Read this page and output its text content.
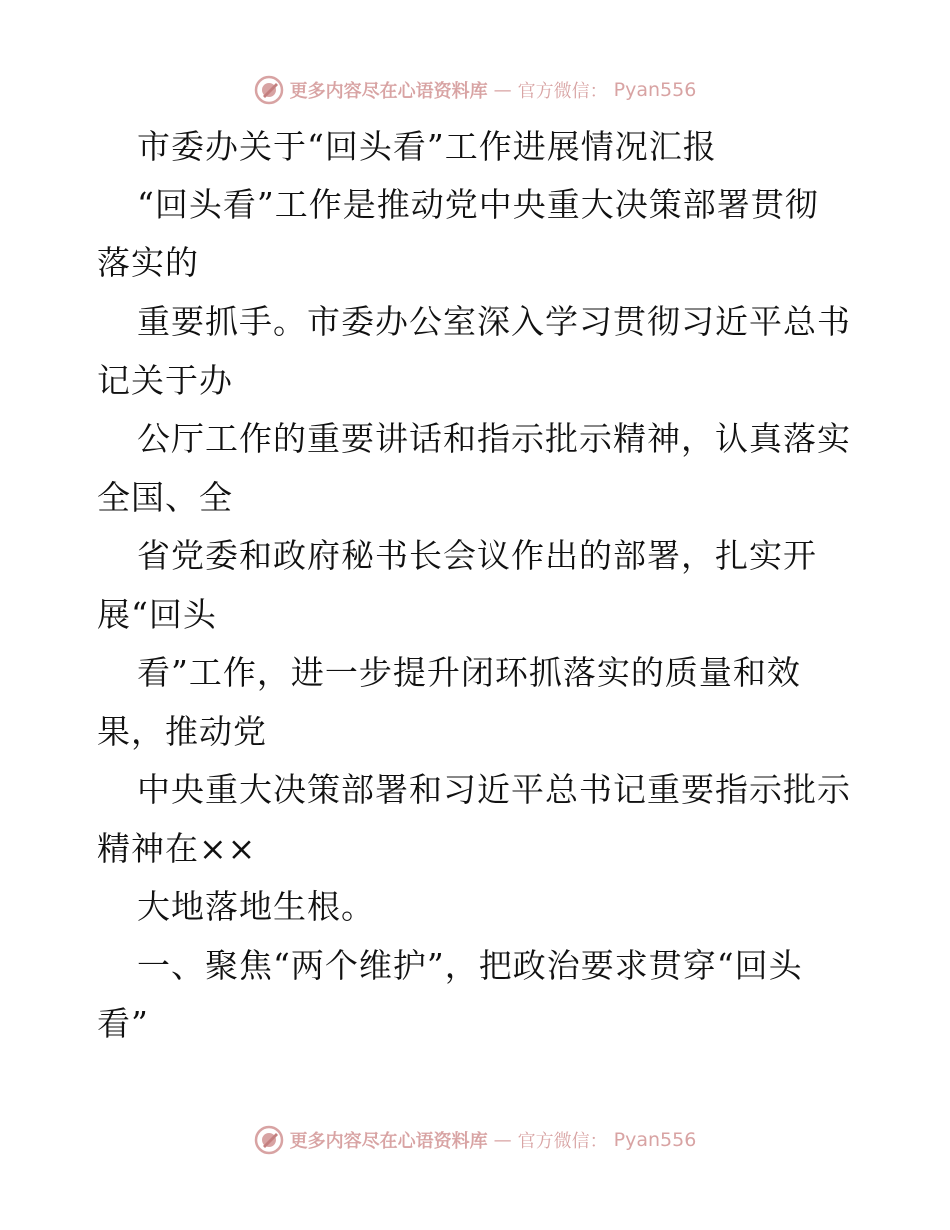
更多内容尽在心语资料库 — 官方微信： Pyan556
市委办关于“回头看”工作进展情况汇报
“回头看”工作是推动党中央重大决策部署贯彻
落实的
重要抓手。市委办公室深入学习贯彻习近平总书
记关于办
公厅工作的重要讲话和指示批示精神，认真落实
全国、全
省党委和政府秘书长会议作出的部署，扎实开
展“回头
看”工作，进一步提升闭环抓落实的质量和效
果，推动党
中央重大决策部署和习近平总书记重要指示批示
精神在××
大地落地生根。
一、聚焦“两个维护”，把政治要求贯穿“回头
看”
更多内容尽在心语资料库 — 官方微信： Pyan556
